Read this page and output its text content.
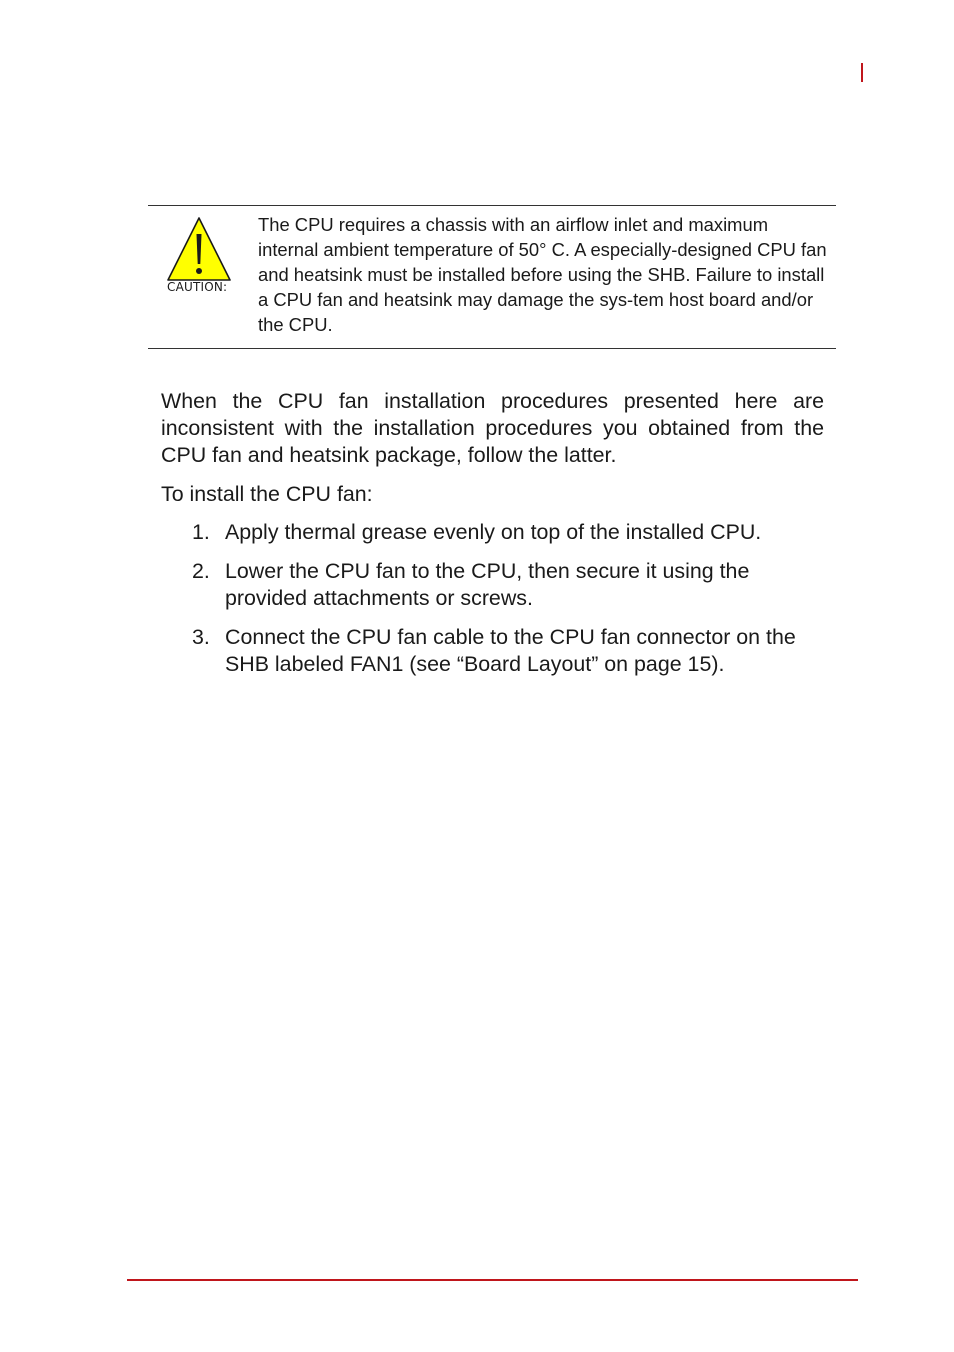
CAUTION:
The CPU requires a chassis with an airflow inlet and maximum internal ambient temperature of 50° C. A especially-designed CPU fan and heatsink must be installed before using the SHB. Failure to install a CPU fan and heatsink may damage the sys-tem host board and/or the CPU.
When the CPU fan installation procedures presented here are inconsistent with the installation procedures you obtained from the CPU fan and heatsink package, follow the latter.
To install the CPU fan:
1. Apply thermal grease evenly on top of the installed CPU.
2. Lower the CPU fan to the CPU, then secure it using the provided attachments or screws.
3. Connect the CPU fan cable to the CPU fan connector on the SHB labeled FAN1 (see “Board Layout” on page 15).
